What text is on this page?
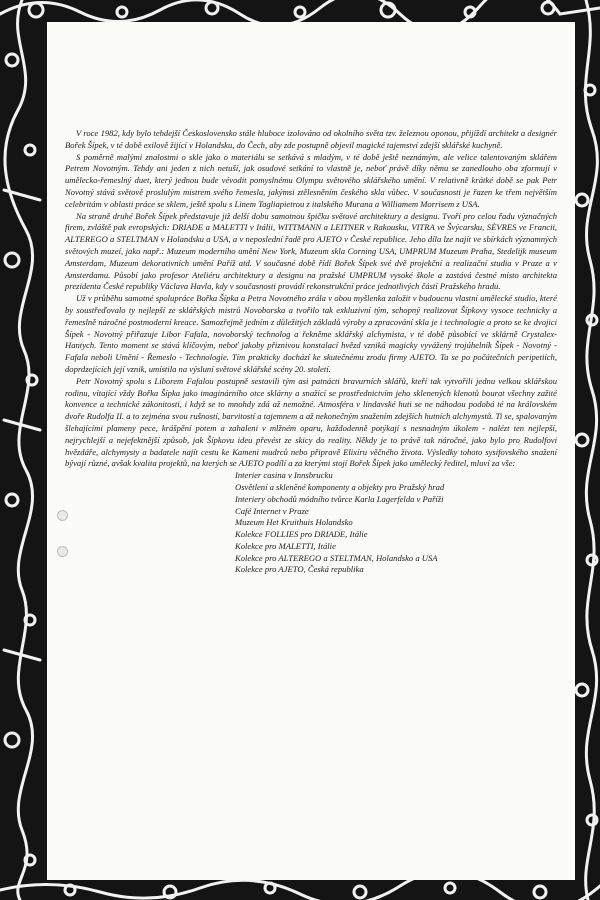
V roce 1982, kdy bylo tehdejší Československo stále hluboce izolováno od okolního světa tzv. železnou oponou, přijíždí architekt a designér Bořek Šípek, v té době exilově žijící v Holandsku, do Čech, aby zde postupně objevil magické tajemství zdejší sklářské kuchyně.

S poměrně malými znalostmi o skle jako o materiálu se setkává s mladým, v té době ještě neznámým, ale velice talentovaným sklářem Petrem Novotným. Tehdy ani jeden z nich netuší, jak osudové setkání to vlastně je, neboť právě díky němu se zanedlouho oba zformují v umělecko-řemeslný duet, který jednou bude vévodit pomyslnému Olympu světového sklářského umění. V relativně krátké době se pak Petr Novotný stává světově proslulým mistrem svého řemesla, jakýmsi ztělesněním českého skla vůbec. V současnosti je řazen ke třem největším celebritám v oblasti práce se sklem, ještě spolu s Linem Tagliapietrou z italského Murana a Williamem Morrisem z USA.

Na straně druhé Bořek Šípek představuje již delší dobu samotnou špičku světové architektury a designu. Tvoří pro celou řadu význačných firem, zvláště pak evropských: DRIADE a MALETTI v Itálii, WITTMANN a LEITNER v Rakousku, VITRA ve Švýcarsku, SÈVRES ve Francii, ALTEREGO a STELTMAN v Holandsku a USA, a v neposlední řadě pro AJETO v České republice. Jeho díla lze najít ve sbírkách významných světových muzeí, jako např.: Muzeum moderního umění New York, Muzeum skla Corning USA, UMPRUM Muzeum Praha, Stedelijk museum Amsterdam, Muzeum dekorativních umění Paříž atd. V současné době řídí Bořek Šípek své dvě projekční a realizační studia v Praze a v Amsterdamu. Působí jako profesor Ateliéru architektury a designu na pražské UMPRUM vysoké škole a zastává čestné místo architekta prezidenta České republiky Václava Havla, kdy v současnosti provádí rekonstrukční práce jednotlivých částí Pražského hradu.

Už v průběhu samotné spolupráce Bořka Šípka a Petra Novotného zrála v obou myšlenka založit v budoucnu vlastní umělecké studio, které by soustřeďovalo ty nejlepší ze sklářských mistrů Novoborska a tvořilo tak exkluzivní tým, schopný realizovat Šípkovy vysoce technicky a řemeslně náročné postmoderní kreace. Samozřejmě jedním z důležitých základů výroby a zpracování skla je i technologie a proto se ke dvojici Šípek - Novotný přiřazuje Libor Fafala, novoborský technolog a řekněme sklářský alchymista, v té době působící ve sklárně Crystalex-Hantych. Tento moment se stává klíčovým, neboť jakoby přiznivou konstalací hvězd vzniká magicky vyvážený trojúhelník Šípek - Novotný - Fafala neboli Umění - Řemeslo - Technologie. Tím prakticky dochází ke skutečnému zrodu firmy AJETO. Ta se po počátečních peripetiích, doprdzejících její vznik, umístila na výsluní světové sklářské scény 20. století.

Petr Novotný spolu s Liborem Fafalou postupně sestavili tým asi patnácti bravurních sklářů, kteří tak vytvořili jednu velkou sklářskou rodinu, vítající vždy Bořka Šípka jako imaginárního otce sklárny a snažící se prostřednictvím jeho sklenených klenotů bourat všechny zažité konvence a technické zákonitosti, i když se to mnohdy zdá až nemožné. Atmosféra v lindavské huti se ne náhodou podobá té na královském dvoře Rudolfa II. a to zejména svou rušností, barvitostí a tajemnem a až nekonečným snažením zdejších hutních alchymystů. Ti se, spalovaným šlehajícími plameny pece, krášpění potem a zahaleni v mlžném oparu, každodenně potýkají s nesnadným úkolem - nalézt ten nejlepší, nejrychlejší a nejefektnější způsob, jak Šípkovu ideu převést ze skicy do reality. Někdy je to právě tak náročné, jako bylo pro Rudolfovi hvězdáře, alchymysty a badatele najít cestu ke Kameni mudrců nebo připravě Elixíru věčného života. Výsledky tohoto sysifovského snažení bývají různé, avšak kvalita projektů, na kterých se AJETO podílí a za kterými stojí Bořek Šípek jako umělecký ředitel, mluví za vše:

Interier casina v Innsbrucku
Osvětlení a sklenĕné komponenty a objekty pro Pražský hrad
Interiery obchodů módního tvůrce Karla Lagerfelda v Paříži
Café Internet v Praze
Muzeum Het Kruithuis Holandsko
Kolekce FOLLIES pro DRIADE, Itálie
Kolekce pro MALETTI, Itálie
Kolekce pro ALTEREGO a STELTMAN, Holandsko a USA
Kolekce pro AJETO, Česká republika
